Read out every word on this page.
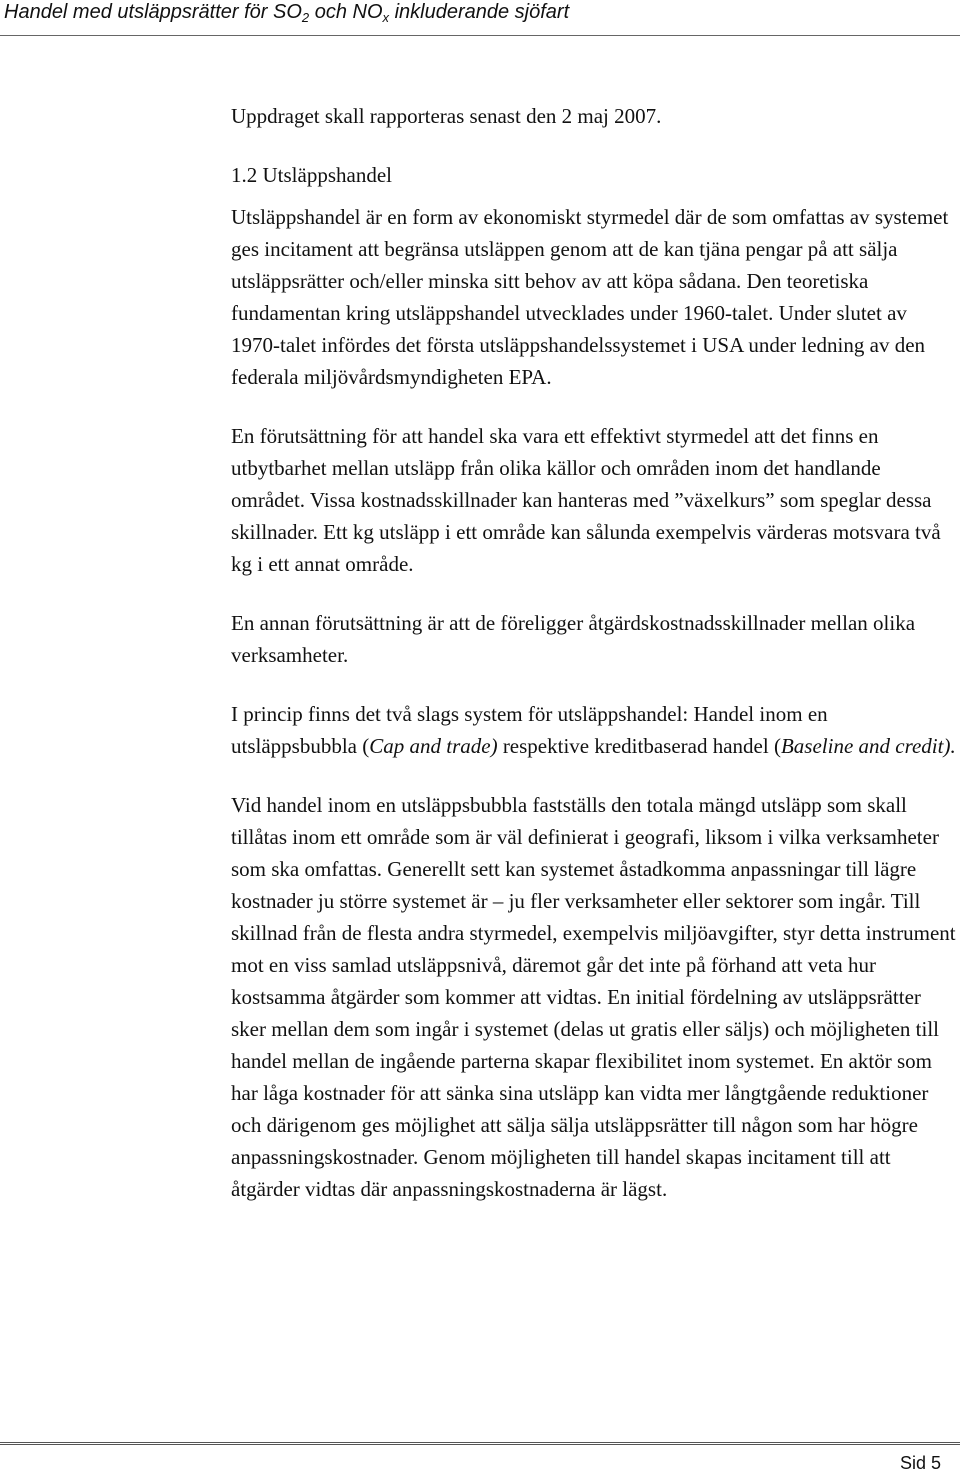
Handel med utsläppsrätter för $SO_2$ och $NO_x$ inkluderande sjöfart

Uppdraget skall rapporteras senast den 2 maj 2007.

1.2 Utsläppshandel

Utsläppshandel är en form av ekonomiskt styrmedel där de som omfattas av systemet ges incitament att begränsa utsläppen genom att de kan tjäna pengar på att sälja utsläppsrätter och/eller minska sitt behov av att köpa sådana. Den teoretiska fundamentan kring utsläppshandel utvecklades under 1960-talet. Under slutet av 1970-talet infördes det första utsläppshandelssystemet i USA under ledning av den federala miljövårdsmyndigheten EPA.

En förutsättning för att handel ska vara ett effektivt styrmedel att det finns en utbytbarhet mellan utsläpp från olika källor och områden inom det handlande området. Vissa kostnadsskillnader kan hanteras med ”växelkurs” som speglar dessa skillnader. Ett kg utsläpp i ett område kan sålunda exempelvis värderas motsvara två kg i ett annat område.

En annan förutsättning är att de föreligger åtgärdskostnadsskillnader mellan olika verksamheter.

I princip finns det två slags system för utsläppshandel: Handel inom en utsläppsbubbla (Cap and trade) respektive kreditbaserad handel (Baseline and credit).

Vid handel inom en utsläppsbubbla fastställs den totala mängd utsläpp som skall tillåtas inom ett område som är väl definierat i geografi, liksom i vilka verksamheter som ska omfattas. Generellt sett kan systemet åstadkomma anpassningar till lägre kostnader ju större systemet är – ju fler verksamheter eller sektorer som ingår. Till skillnad från de flesta andra styrmedel, exempelvis miljöavgifter, styr detta instrument mot en viss samlad utsläppsnivå, däremot går det inte på förhand att veta hur kostsamma åtgärder som kommer att vidtas. En initial fördelning av utsläppsrätter sker mellan dem som ingår i systemet (delas ut gratis eller säljs) och möjligheten till handel mellan de ingående parterna skapar flexibilitet inom systemet. En aktör som har låga kostnader för att sänka sina utsläpp kan vidta mer långtgående reduktioner och därigenom ges möjlighet att sälja sälja utsläppsrätter till någon som har högre anpassningskostnader. Genom möjligheten till handel skapas incitament till att åtgärder vidtas där anpassningskostnaderna är lägst.

Sid 5
